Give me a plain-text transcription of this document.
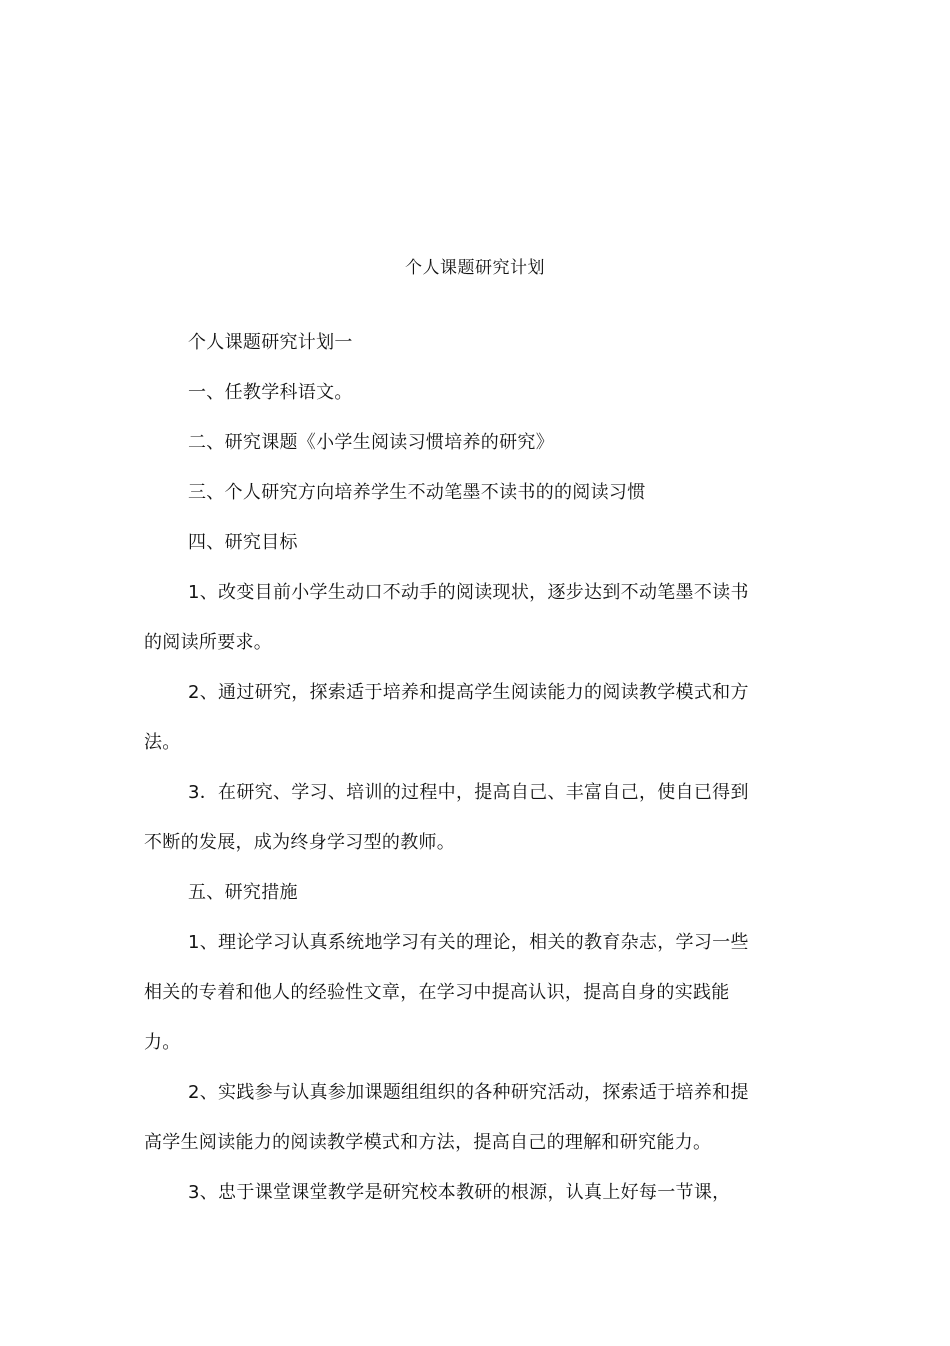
个人课题研究计划

个人课题研究计划一

一、任教学科语文。

二、研究课题《小学生阅读习惯培养的研究》

三、个人研究方向培养学生不动笔墨不读书的的阅读习惯

四、研究目标

1、改变目前小学生动口不动手的阅读现状，逐步达到不动笔墨不读书的阅读所要求。

2、通过研究，探索适于培养和提高学生阅读能力的阅读教学模式和方法。

3．在研究、学习、培训的过程中，提高自己、丰富自己，使自已得到不断的发展，成为终身学习型的教师。

五、研究措施

1、理论学习认真系统地学习有关的理论，相关的教育杂志，学习一些相关的专着和他人的经验性文章，在学习中提高认识，提高自身的实践能力。

2、实践参与认真参加课题组组织的各种研究活动，探索适于培养和提高学生阅读能力的阅读教学模式和方法，提高自己的理解和研究能力。

3、忠于课堂课堂教学是研究校本教研的根源，认真上好每一节课，
